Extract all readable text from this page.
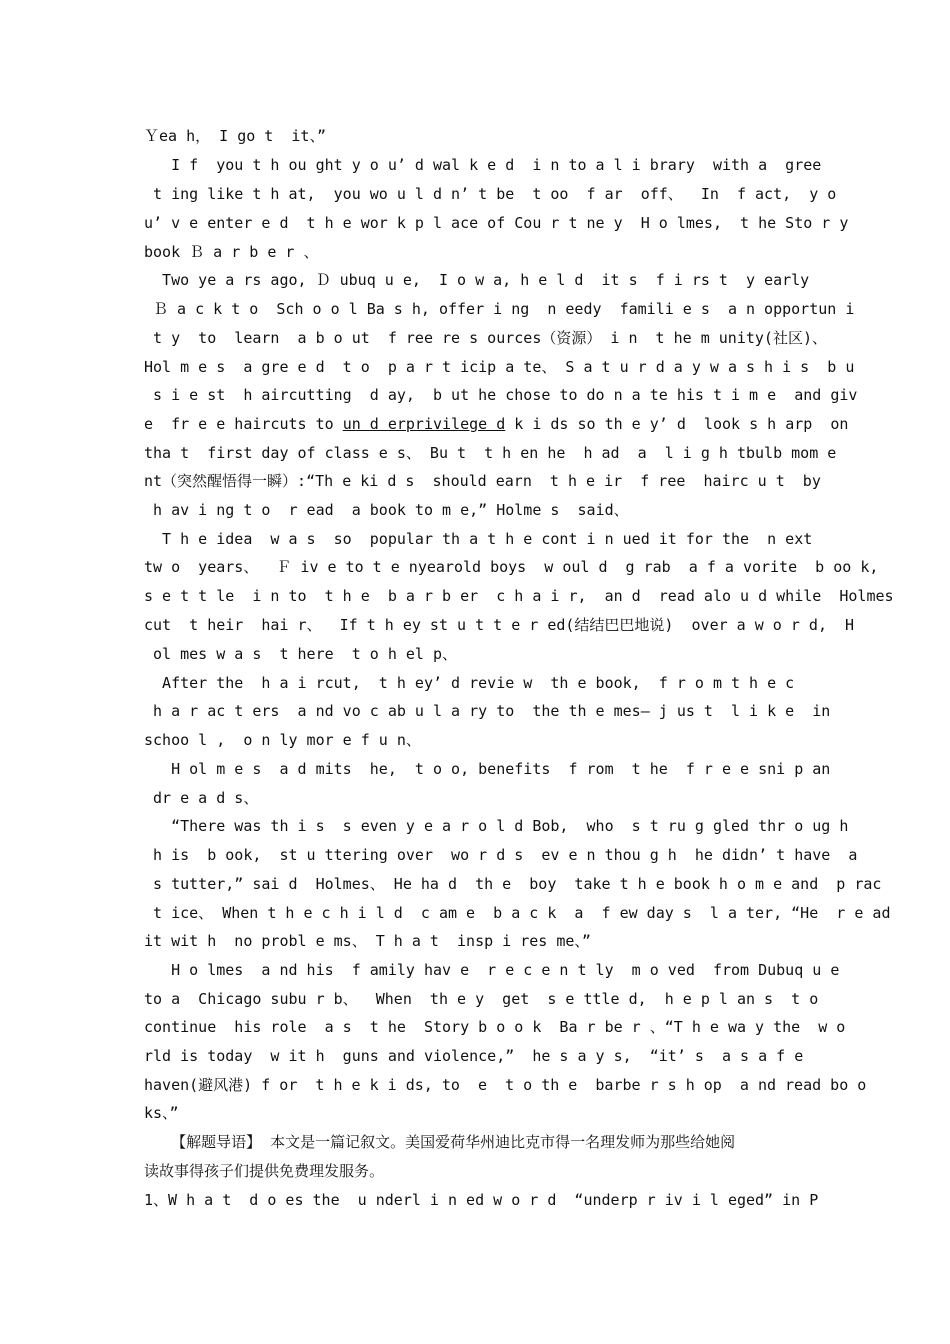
Ｙea h， I go t  it、”
I f  you t h ou ght y o u’ d wal k e d  i n to a l i brary  with a  gree
t ing like t h at,  you wo u l d n’ t be  t oo  f ar  off、  In  f act,  y o
u’ v e enter e d  t h e wor k p l ace of Cou r t ne y  H o lmes,  t he Sto r y
book Ｂ a r b e r 、
Two ye a rs ago, Ｄ ubuq u e,  I o w a, h e l d  it s  f i rs t  y early
Ｂ a c k t o  Sch o o l Ba s h, offer i ng  n eedy  famili e s  a n opportun i
t y  to  learn  a b o ut  f ree re s ources（资源） i n  t he m unity(社区)、
Hol m e s  a gre e d  t o  p a r t icip a te、 S a t u r d a y w a s h i s  b u
s i e st  h aircutting  d ay,  b ut he chose to do n a te his t i m e  and giv
e  fr e e haircuts to un d erprivilege d k i ds so th e y’ d  look s h arp  on
tha t  first day of class e s、 Bu t  t h en he  h ad  a  l i g h tbulb mom e
nt（突然醒悟得一瞬）:“Th e ki d s  should earn  t h e ir  f ree  hairc u t  by
h av i ng t o  r ead  a book to m e,” Holme s  said、
T h e idea  w a s  so  popular th a t h e cont i n ued it for the  n ext
tw o  years、  Ｆ iv e to t e nyearold boys  w oul d  g rab  a f a vorite  b oo k,
s e t t le  i n to  t h e  b a r b er  c h a i r,  an d  read alo u d while  Holmes
cut  t heir  hai r、  If t h ey st u t t e r ed(结结巴巴地说)  over a w o r d,  H
ol mes w a s  t here  t o h el p、
After the  h a i rcut,  t h ey’ d revie w  th e book,  f r o m t h e c
h a r ac t ers  a nd vo c ab u l a ry to  the th e mes— j us t  l i k e  in
schoo l ,  o n ly mor e f u n、
H ol m e s  a d mits  he,  t o o, benefits  f rom  t he  f r e e sni p an
dr e a d s、
“There was th i s  s even y e a r o l d Bob,  who  s t ru g gled thr o ug h
h is  b ook,  st u ttering over  wo r d s  ev e n thou g h  he didn’ t have  a
s tutter,” sai d  Holmes、 He ha d  th e  boy  take t h e book h o m e and  p rac
t ice、 When t h e c h i l d  c am e  b a c k  a  f ew day s  l a ter, “He  r e ad
it wit h  no probl e ms、 T h a t  insp i res me、”
H o lmes  a nd his  f amily hav e  r e c e n t ly  m o ved  from Dubuq u e
to a  Chicago subu r b、  When  th e y  get  s e ttle d,  h e p l an s  t o
continue  his role  a s  t he  Story b o o k  Ba r be r 、“T h e wa y the  w o
rld is today  w it h  guns and violence,”  he s a y s,  “it’ s  a s a f e
haven(避风港) f or  t h e k i ds, to  e  t o th e  barbe r s h op  a nd read bo o
ks、”
【解题导语】 本文是一篇记叙文。美国爱荷华州迪比克市得一名理发师为那些给她阅
读故事得孩子们提供免费理发服务。
1、W h a t  d o es the  u nderl i n ed w o r d  “underp r iv i l eged” in P
